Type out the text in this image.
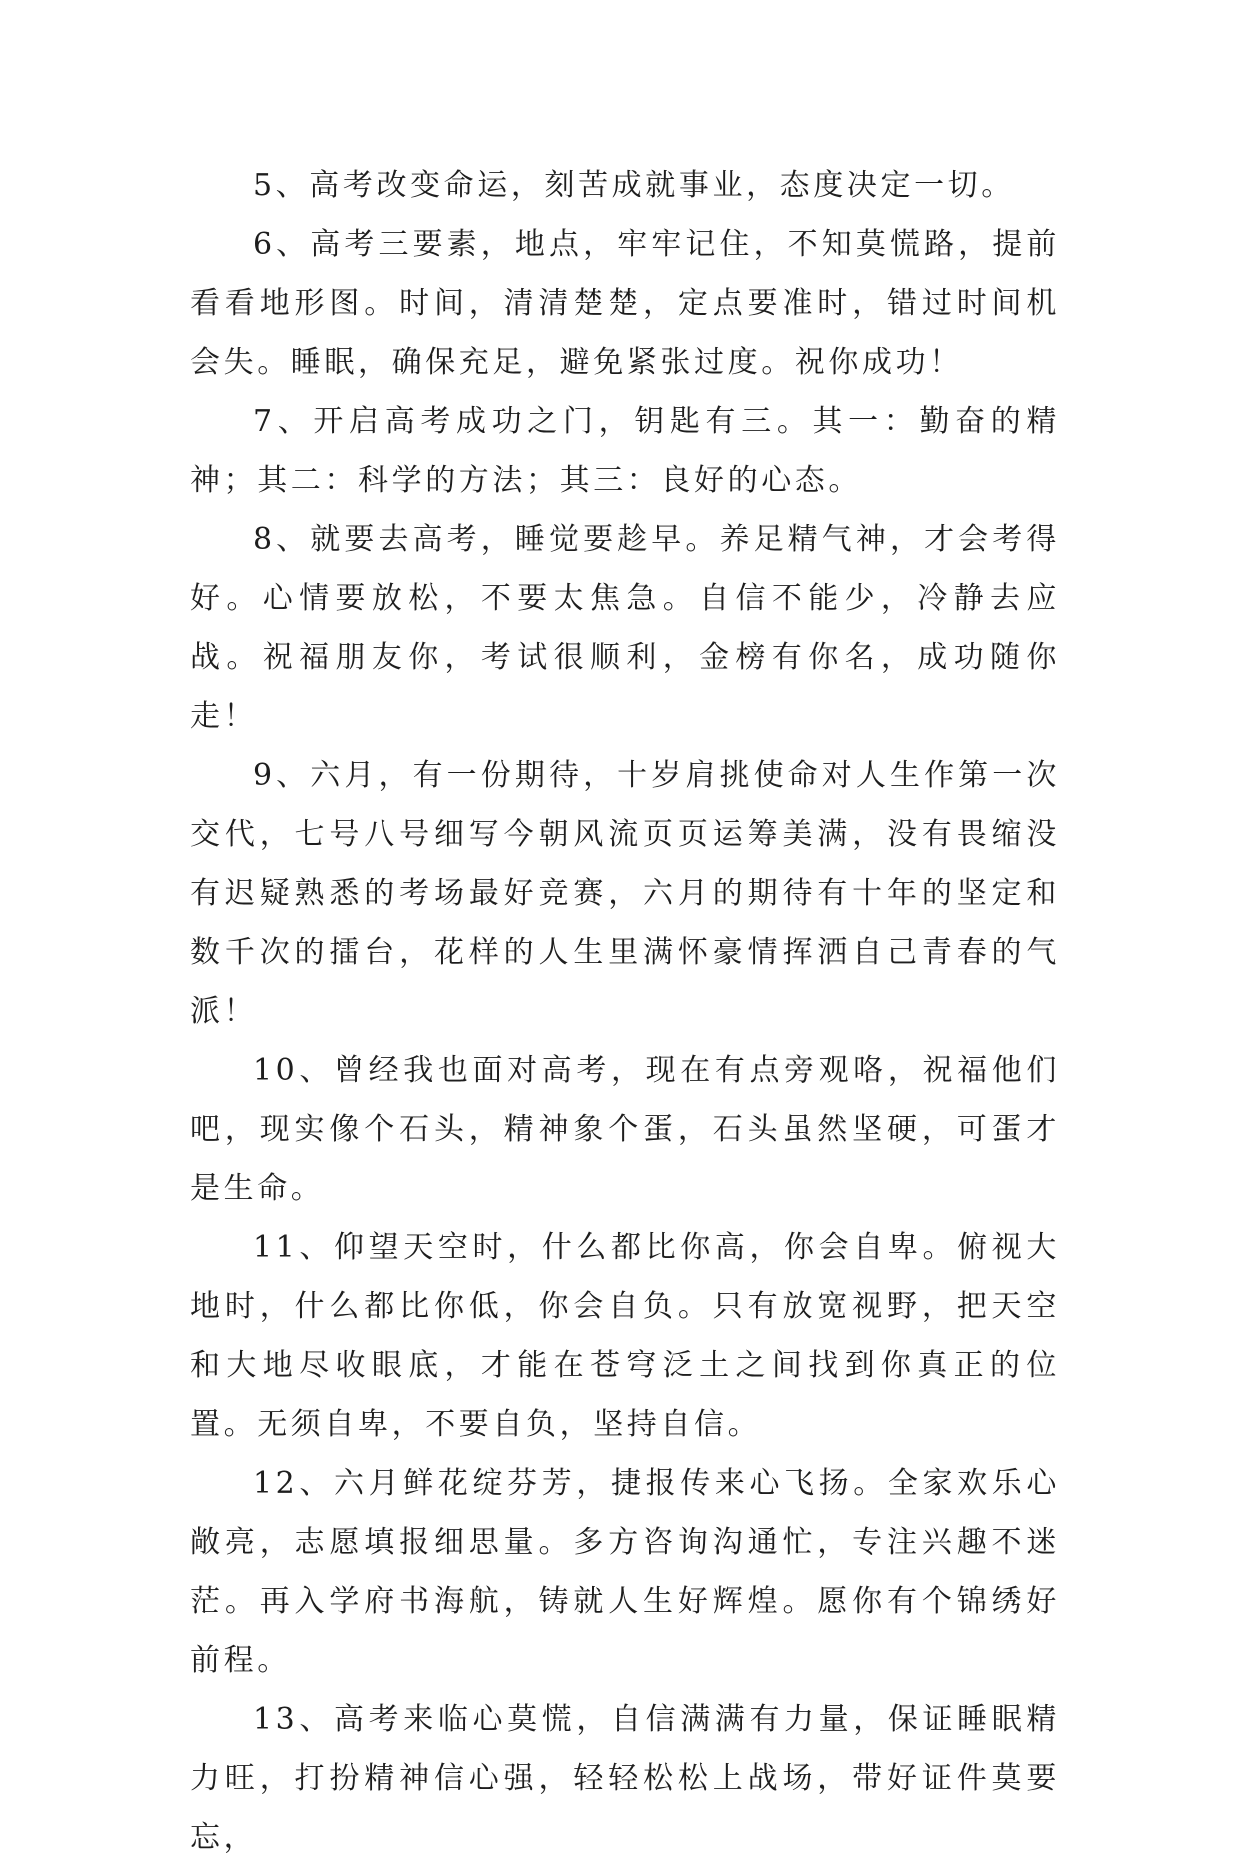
5、高考改变命运，刻苦成就事业，态度决定一切。

6、高考三要素，地点，牢牢记住，不知莫慌路，提前看看地形图。时间，清清楚楚，定点要准时，错过时间机会失。睡眠，确保充足，避免紧张过度。祝你成功！

7、开启高考成功之门，钥匙有三。其一：勤奋的精神；其二：科学的方法；其三：良好的心态。

8、就要去高考，睡觉要趁早。养足精气神，才会考得好。心情要放松，不要太焦急。自信不能少，冷静去应战。祝福朋友你，考试很顺利，金榜有你名，成功随你走！

9、六月，有一份期待，十岁肩挑使命对人生作第一次交代，七号八号细写今朝风流页页运筹美满，没有畏缩没有迟疑熟悉的考场最好竞赛，六月的期待有十年的坚定和数千次的擂台，花样的人生里满怀豪情挥洒自己青春的气派！

10、曾经我也面对高考，现在有点旁观咯，祝福他们吧，现实像个石头，精神象个蛋，石头虽然坚硬，可蛋才是生命。

11、仰望天空时，什么都比你高，你会自卑。俯视大地时，什么都比你低，你会自负。只有放宽视野，把天空和大地尽收眼底，才能在苍穹泛土之间找到你真正的位置。无须自卑，不要自负，坚持自信。

12、六月鲜花绽芬芳，捷报传来心飞扬。全家欢乐心敞亮，志愿填报细思量。多方咨询沟通忙，专注兴趣不迷茫。再入学府书海航，铸就人生好辉煌。愿你有个锦绣好前程。

13、高考来临心莫慌，自信满满有力量，保证睡眠精力旺，打扮精神信心强，轻轻松松上战场，带好证件莫要忘，
